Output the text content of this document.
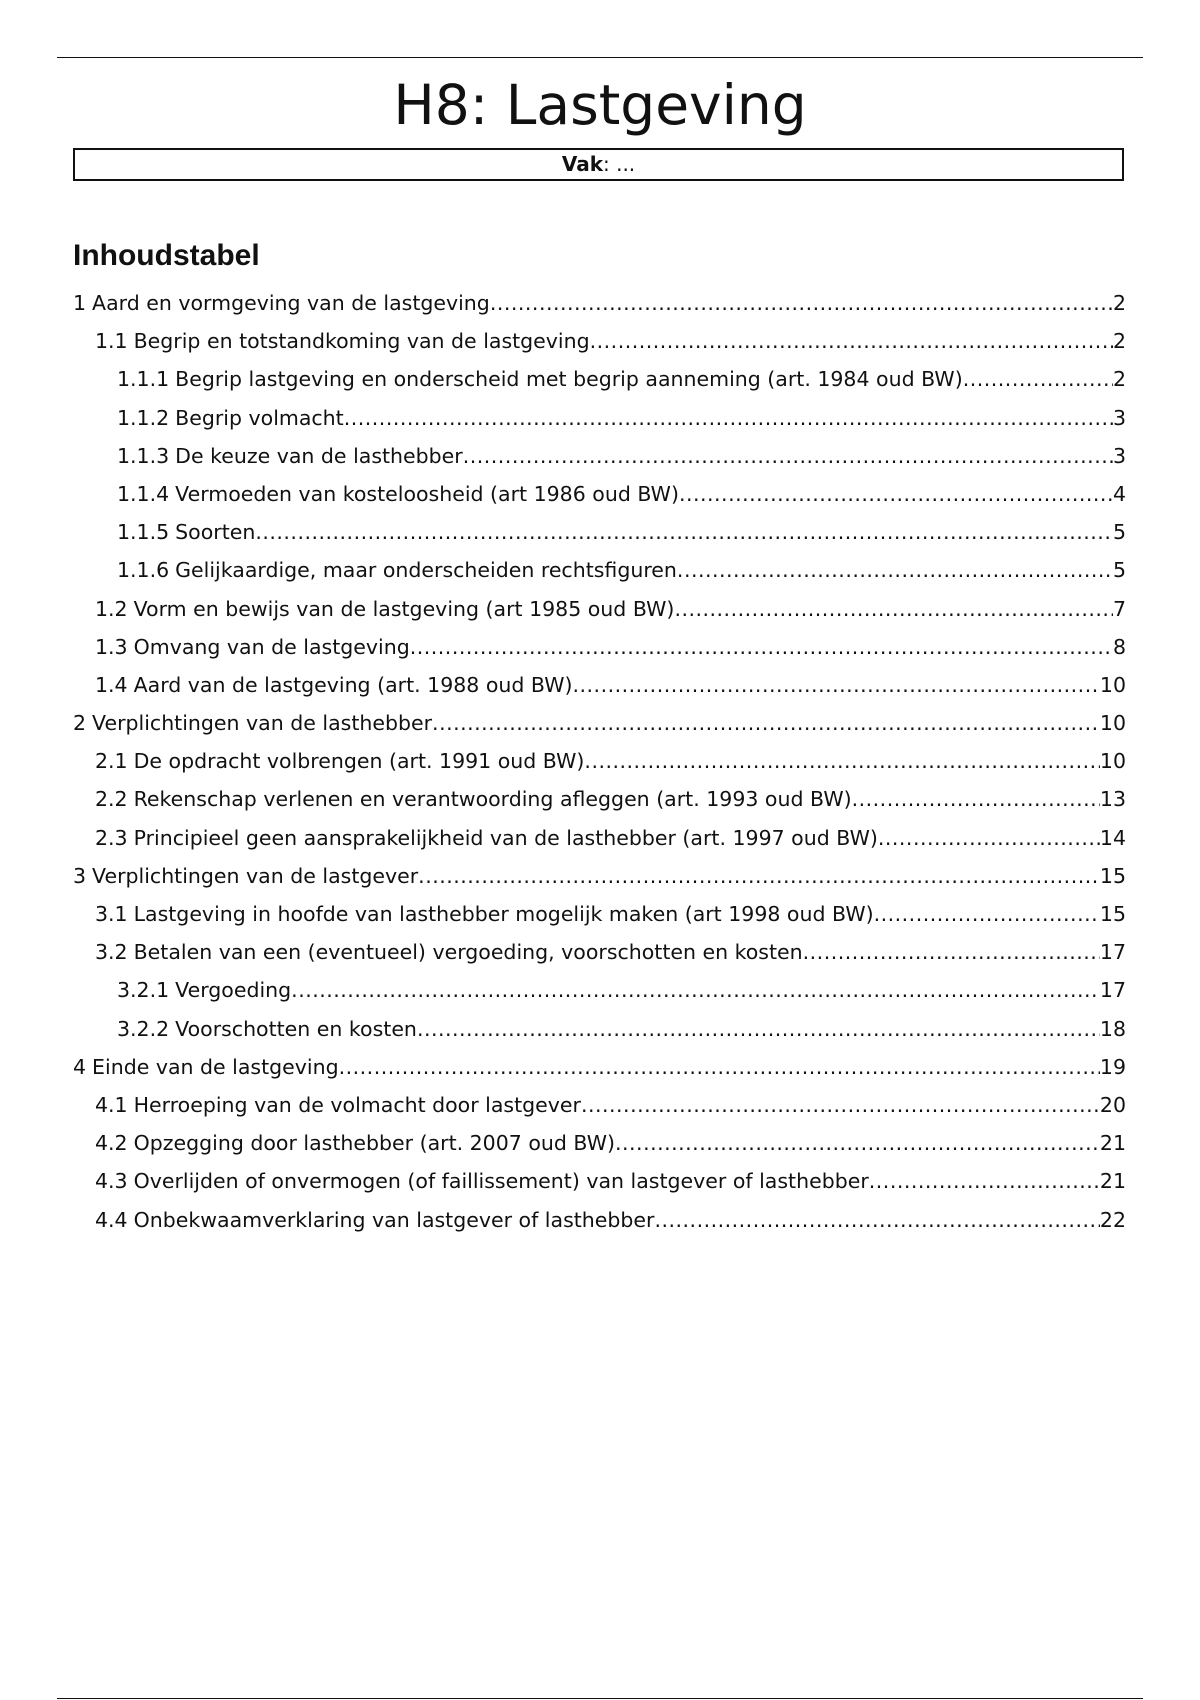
H8: Lastgeving
Vak: ...
Inhoudstabel
1 Aard en vormgeving van de lastgeving .....	2
1.1 Begrip en totstandkoming van de lastgeving .....	2
1.1.1 Begrip lastgeving en onderscheid met begrip aanneming (art. 1984 oud BW) .....	2
1.1.2 Begrip volmacht .....	3
1.1.3 De keuze van de lasthebber .....	3
1.1.4 Vermoeden van kosteloosheid (art 1986 oud BW) .....	4
1.1.5 Soorten .....	5
1.1.6 Gelijkaardige, maar onderscheiden rechtsfiguren .....	5
1.2 Vorm en bewijs van de lastgeving (art 1985 oud BW) .....	7
1.3 Omvang van de lastgeving .....	8
1.4 Aard van de lastgeving (art. 1988 oud BW) .....	10
2 Verplichtingen van de lasthebber .....	10
2.1 De opdracht volbrengen (art. 1991 oud BW) .....	10
2.2 Rekenschap verlenen en verantwoording afleggen (art. 1993 oud BW) .....	13
2.3 Principieel geen aansprakelijkheid van de lasthebber (art. 1997 oud BW) .....	14
3 Verplichtingen van de lastgever .....	15
3.1 Lastgeving in hoofde van lasthebber mogelijk maken (art 1998 oud BW) .....	15
3.2 Betalen van een (eventueel) vergoeding, voorschotten en kosten .....	17
3.2.1 Vergoeding .....	17
3.2.2 Voorschotten en kosten .....	18
4 Einde van de lastgeving .....	19
4.1 Herroeping van de volmacht door lastgever .....	20
4.2 Opzegging door lasthebber (art. 2007 oud BW) .....	21
4.3 Overlijden of onvermogen (of faillissement) van lastgever of lasthebber .....	21
4.4 Onbekwaamverklaring van lastgever of lasthebber .....	22
